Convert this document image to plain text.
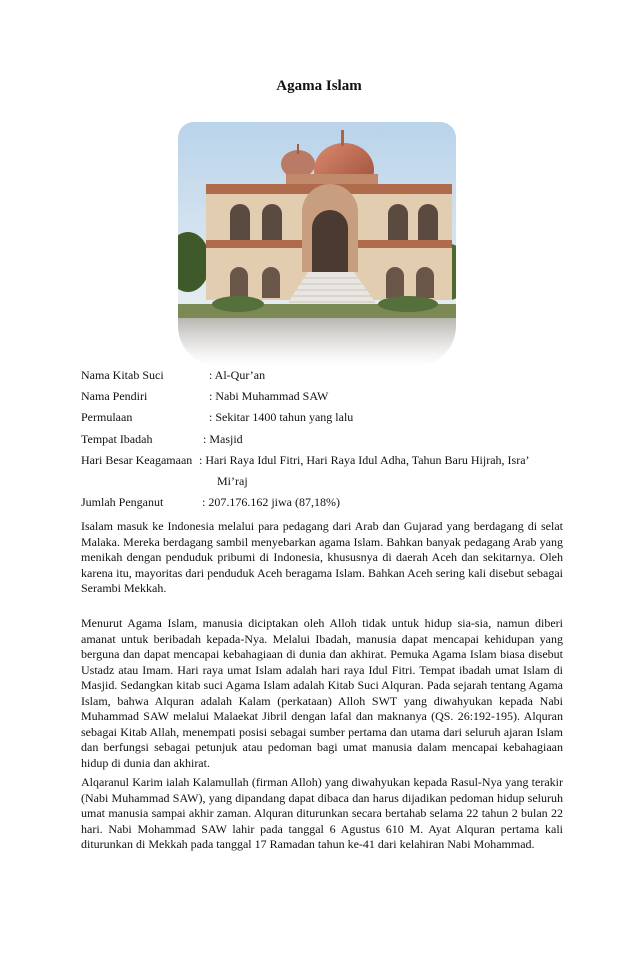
Agama Islam
Nama Kitab Suci	: Al-Qur’an
Nama Pendiri	: Nabi Muhammad SAW
Permulaan	: Sekitar 1400 tahun yang lalu
Tempat Ibadah	: Masjid
Hari Besar Keagamaan : Hari Raya Idul Fitri, Hari Raya Idul Adha, Tahun Baru Hijrah, Isra’
Mi’raj
Jumlah Penganut	: 207.176.162 jiwa (87,18%)

Isalam masuk ke Indonesia melalui para pedagang dari Arab dan Gujarad yang berdagang di selat Malaka. Mereka berdagang sambil menyebarkan agama Islam. Bahkan banyak pedagang Arab yang menikah dengan penduduk pribumi di Indonesia, khususnya di daerah Aceh dan sekitarnya. Oleh karena itu, mayoritas dari penduduk Aceh beragama Islam. Bahkan Aceh sering kali disebut sebagai Serambi Mekkah.

Menurut Agama Islam, manusia diciptakan oleh Alloh tidak untuk hidup sia-sia, namun diberi amanat untuk beribadah kepada-Nya. Melalui Ibadah, manusia dapat mencapai kehidupan yang berguna dan dapat mencapai kebahagiaan di dunia dan akhirat. Pemuka Agama Islam biasa disebut Ustadz atau Imam. Hari raya umat Islam adalah hari raya Idul Fitri. Tempat ibadah umat Islam di Masjid. Sedangkan kitab suci Agama Islam adalah Kitab Suci Alquran. Pada sejarah tentang Agama Islam, bahwa Alquran adalah Kalam (perkataan) Alloh SWT yang diwahyukan kepada Nabi Muhammad SAW melalui Malaekat Jibril dengan lafal dan maknanya (QS. 26:192-195). Alquran sebagai Kitab Allah, menempati posisi sebagai sumber pertama dan utama dari seluruh ajaran Islam dan berfungsi sebagai petunjuk atau pedoman bagi umat manusia dalam mencapai kebahagiaan hidup di dunia dan akhirat.

Alqaranul Karim ialah Kalamullah (firman Alloh) yang diwahyukan kepada Rasul-Nya yang terakir (Nabi Muhammad SAW), yang dipandang dapat dibaca dan harus dijadikan pedoman hidup seluruh umat manusia sampai akhir zaman. Alquran diturunkan secara bertahab selama 22 tahun 2 bulan 22 hari. Nabi Mohammad SAW lahir pada tanggal 6 Agustus 610 M. Ayat Alquran pertama kali diturunkan di Mekkah pada tanggal 17 Ramadan tahun ke-41 dari kelahiran Nabi Mohammad.
